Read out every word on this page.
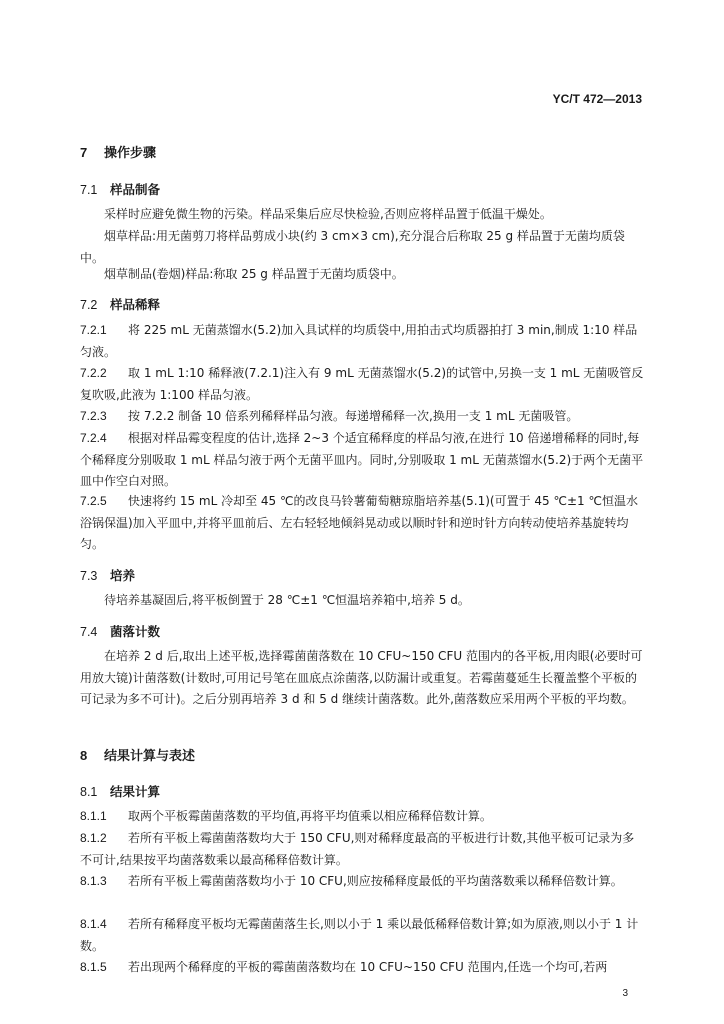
YC/T 472—2013
7 操作步骤
7.1 样品制备
采样时应避免微生物的污染。样品采集后应尽快检验,否则应将样品置于低温干燥处。
烟草样品:用无菌剪刀将样品剪成小块(约 3 cm×3 cm),充分混合后称取 25 g 样品置于无菌均质袋中。
烟草制品(卷烟)样品:称取 25 g 样品置于无菌均质袋中。
7.2 样品稀释
7.2.1 将 225 mL 无菌蒸馏水(5.2)加入具试样的均质袋中,用拍击式均质器拍打 3 min,制成 1:10 样品匀液。
7.2.2 取 1 mL 1:10 稀释液(7.2.1)注入有 9 mL 无菌蒸馏水(5.2)的试管中,另换一支 1 mL 无菌吸管反复吹吸,此液为 1:100 样品匀液。
7.2.3 按 7.2.2 制备 10 倍系列稀释样品匀液。每递增稀释一次,换用一支 1 mL 无菌吸管。
7.2.4 根据对样品霉变程度的估计,选择 2~3 个适宜稀释度的样品匀液,在进行 10 倍递增稀释的同时,每个稀释度分别吸取 1 mL 样品匀液于两个无菌平皿内。同时,分别吸取 1 mL 无菌蒸馏水(5.2)于两个无菌平皿中作空白对照。
7.2.5 快速将约 15 mL 冷却至 45 ℃的改良马铃薯葡萄糖琼脂培养基(5.1)(可置于 45 ℃±1 ℃恒温水浴锅保温)加入平皿中,并将平皿前后、左右轻轻地倾斜晃动或以顺时针和逆时针方向转动使培养基旋转均匀。
7.3 培养
待培养基凝固后,将平板倒置于 28 ℃±1 ℃恒温培养箱中,培养 5 d。
7.4 菌落计数
在培养 2 d 后,取出上述平板,选择霉菌菌落数在 10 CFU~150 CFU 范围内的各平板,用肉眼(必要时可用放大镜)计菌落数(计数时,可用记号笔在皿底点涂菌落,以防漏计或重复。若霉菌蔓延生长覆盖整个平板的可记录为多不可计)。之后分别再培养 3 d 和 5 d 继续计菌落数。此外,菌落数应采用两个平板的平均数。
8 结果计算与表述
8.1 结果计算
8.1.1 取两个平板霉菌菌落数的平均值,再将平均值乘以相应稀释倍数计算。
8.1.2 若所有平板上霉菌菌落数均大于 150 CFU,则对稀释度最高的平板进行计数,其他平板可记录为多不可计,结果按平均菌落数乘以最高稀释倍数计算。
8.1.3 若所有平板上霉菌菌落数均小于 10 CFU,则应按稀释度最低的平均菌落数乘以稀释倍数计算。
8.1.4 若所有稀释度平板均无霉菌菌落生长,则以小于 1 乘以最低稀释倍数计算;如为原液,则以小于 1 计数。
8.1.5 若出现两个稀释度的平板的霉菌菌落数均在 10 CFU~150 CFU 范围内,任选一个均可,若两
3
